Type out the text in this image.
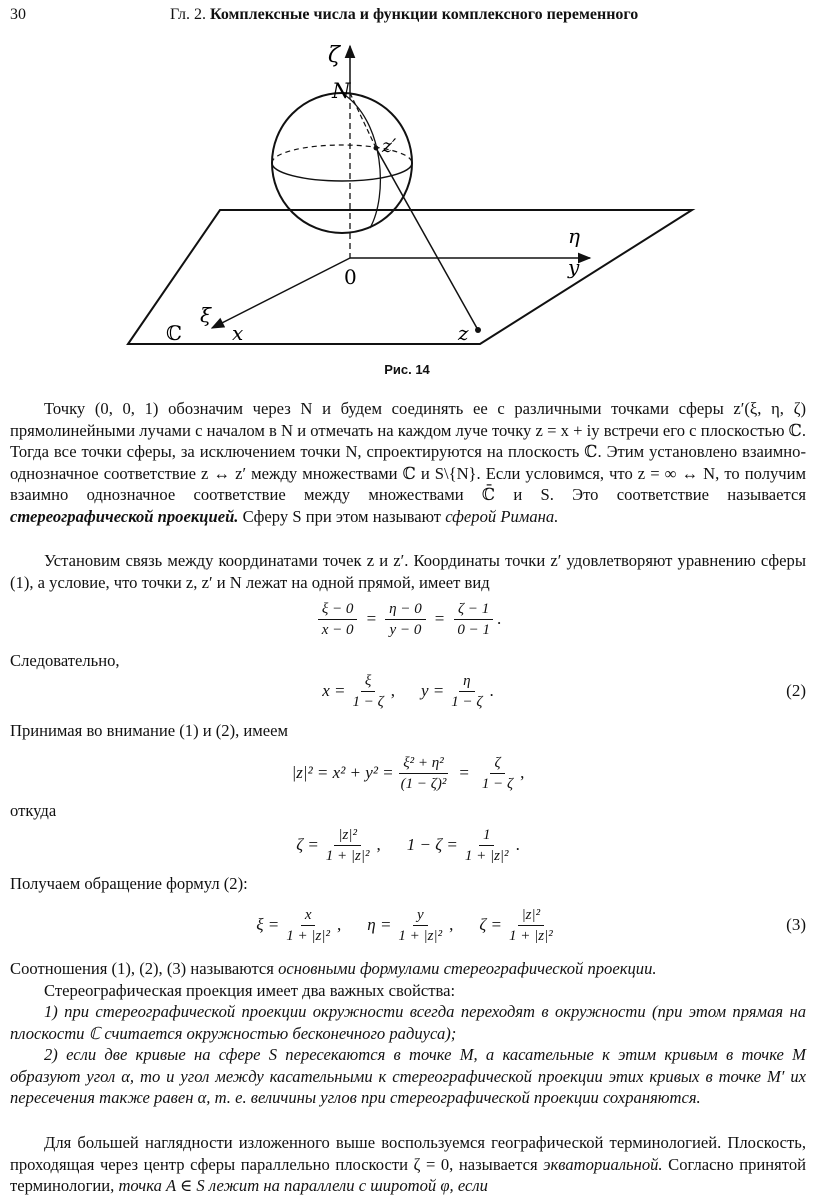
30	Гл. 2. Комплексные числа и функции комплексного переменного
ζ
N
z′
η
y
0
ξ
x
ℂ	z
Рис. 14

Точку (0, 0, 1) обозначим через N и будем соединять ее с различными точками сферы z′(ξ, η, ζ) прямолинейными лучами с началом в N и отмечать на каждом луче точку z = x + iy встречи его с плоскостью ℂ. Тогда все точки сферы, за исключением точки N, спроектируются на плоскость ℂ. Этим установлено взаимно-однозначное соответствие z ↔ z′ между множествами ℂ и S\{N}. Если условимся, что z = ∞ ↔ N, то получим взаимно однозначное соответствие между множествами ℂ̄ и S. Это соответствие называется стереографической проекцией. Сферу S при этом называют сферой Римана.

Установим связь между координатами точек z и z′. Координаты точки z′ удовлетворяют уравнению сферы (1), а условие, что точки z, z′ и N лежат на одной прямой, имеет вид

$\frac{\xi - 0}{x - 0} = \frac{\eta - 0}{y - 0} = \frac{\zeta - 1}{0 - 1}$ .

Следовательно,

$x = \frac{\xi}{1 - \zeta}$ , $y = \frac{\eta}{1 - \zeta}$ .	(2)

Принимая во внимание (1) и (2), имеем

$|z|^2 = x^2 + y^2 = \frac{\text{ξ² + η²}}{\text{(1 − ζ)²}} = \frac{\zeta}{1 - \zeta}$ ,

откуда

$\zeta = \frac{\text{|z|²}}{\text{1 + |z|²}}$ , $1 - \zeta = \frac{1}{\text{1 + |z|²}}$ .

Получаем обращение формул (2):

$\xi = \frac{x}{\text{1 + |z|²}}$ , $\eta = \frac{y}{\text{1 + |z|²}}$ , $\zeta = \frac{\text{|z|²}}{\text{1 + |z|²}}$	(3)

Соотношения (1), (2), (3) называются основными формулами стереографической проекции.

Стереографическая проекция имеет два важных свойства:

1) при стереографической проекции окружности всегда переходят в окружности (при этом прямая на плоскости ℂ считается окружностью бесконечного радиуса);

2) если две кривые на сфере S пересекаются в точке M, а касательные к этим кривым в точке M образуют угол α, то и угол между касательными к стереографической проекции этих кривых в точке M′ их пересечения также равен α, т. е. величины углов при стереографической проекции сохраняются.

Для большей наглядности изложенного выше воспользуемся географической терминологией. Плоскость, проходящая через центр сферы параллельно плоскости ζ = 0, называется экваториальной. Согласно принятой терминологии, точка A ∈ S лежит на параллели с широтой φ, если
